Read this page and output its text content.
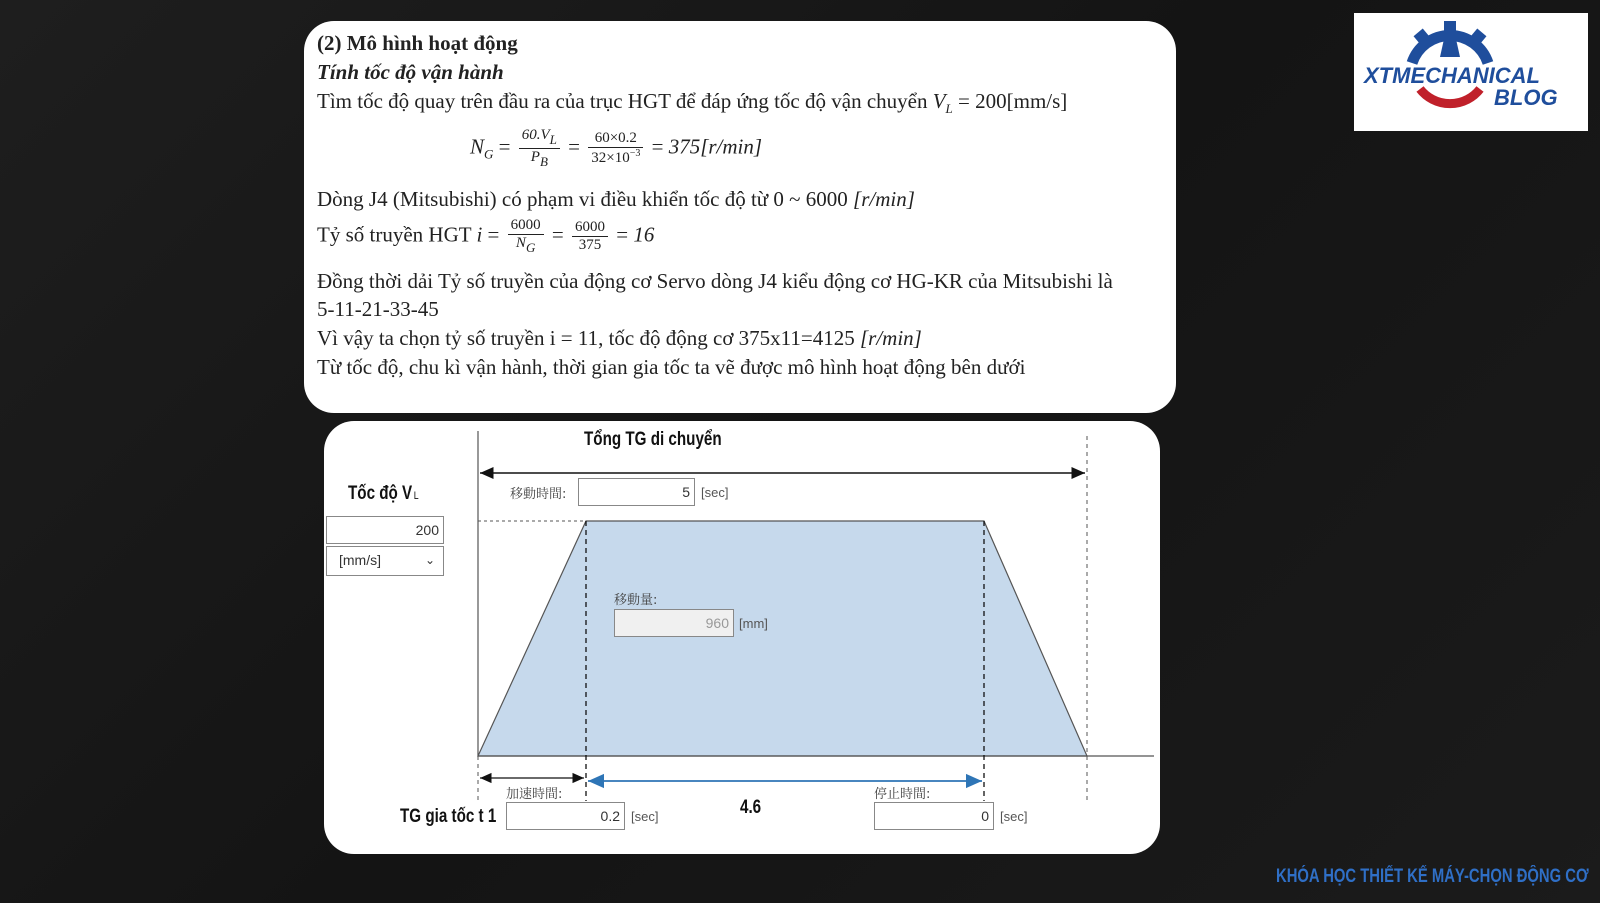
(2) Mô hình hoạt động
Tính tốc độ vận hành
Tìm tốc độ quay trên đầu ra của trục HGT để đáp ứng tốc độ vận chuyển $V_L = 200[mm/s]$
$N_G = \frac{60.VL}{PB} = \frac{60\times 0.2}{32\times 10^{-3}} = 375[r/\min]$
Dòng J4 (Mitsubishi) có phạm vi điều khiển tốc độ từ 0 ~ 6000 [r/min]
Tỷ số truyền HGT $i = \frac{6000}{NG} = \frac{6000}{375} = 16$
Đồng thời dải Tỷ số truyền của động cơ Servo dòng J4 kiểu động cơ HG-KR của Mitsubishi là
5-11-21-33-45
Vì vậy ta chọn tỷ số truyền i = 11, tốc độ động cơ 375x11=4125 [r/min]
Từ tốc độ, chu kì vận hành, thời gian gia tốc ta vẽ được mô hình hoạt động bên dưới
Tổng TG di chuyển
Tốc độ V L
200
[mm/s]	⌄
移動時間:	5 [sec]
移動量:
960 [mm]
加速時間:
TG gia tốc t 1	0.2 [sec]	4.6
停止時間:
0 [sec]
XTMECHANICAL
BLOG
KHÓA HỌC THIẾT KẾ MÁY-CHỌN ĐỘNG CƠ
